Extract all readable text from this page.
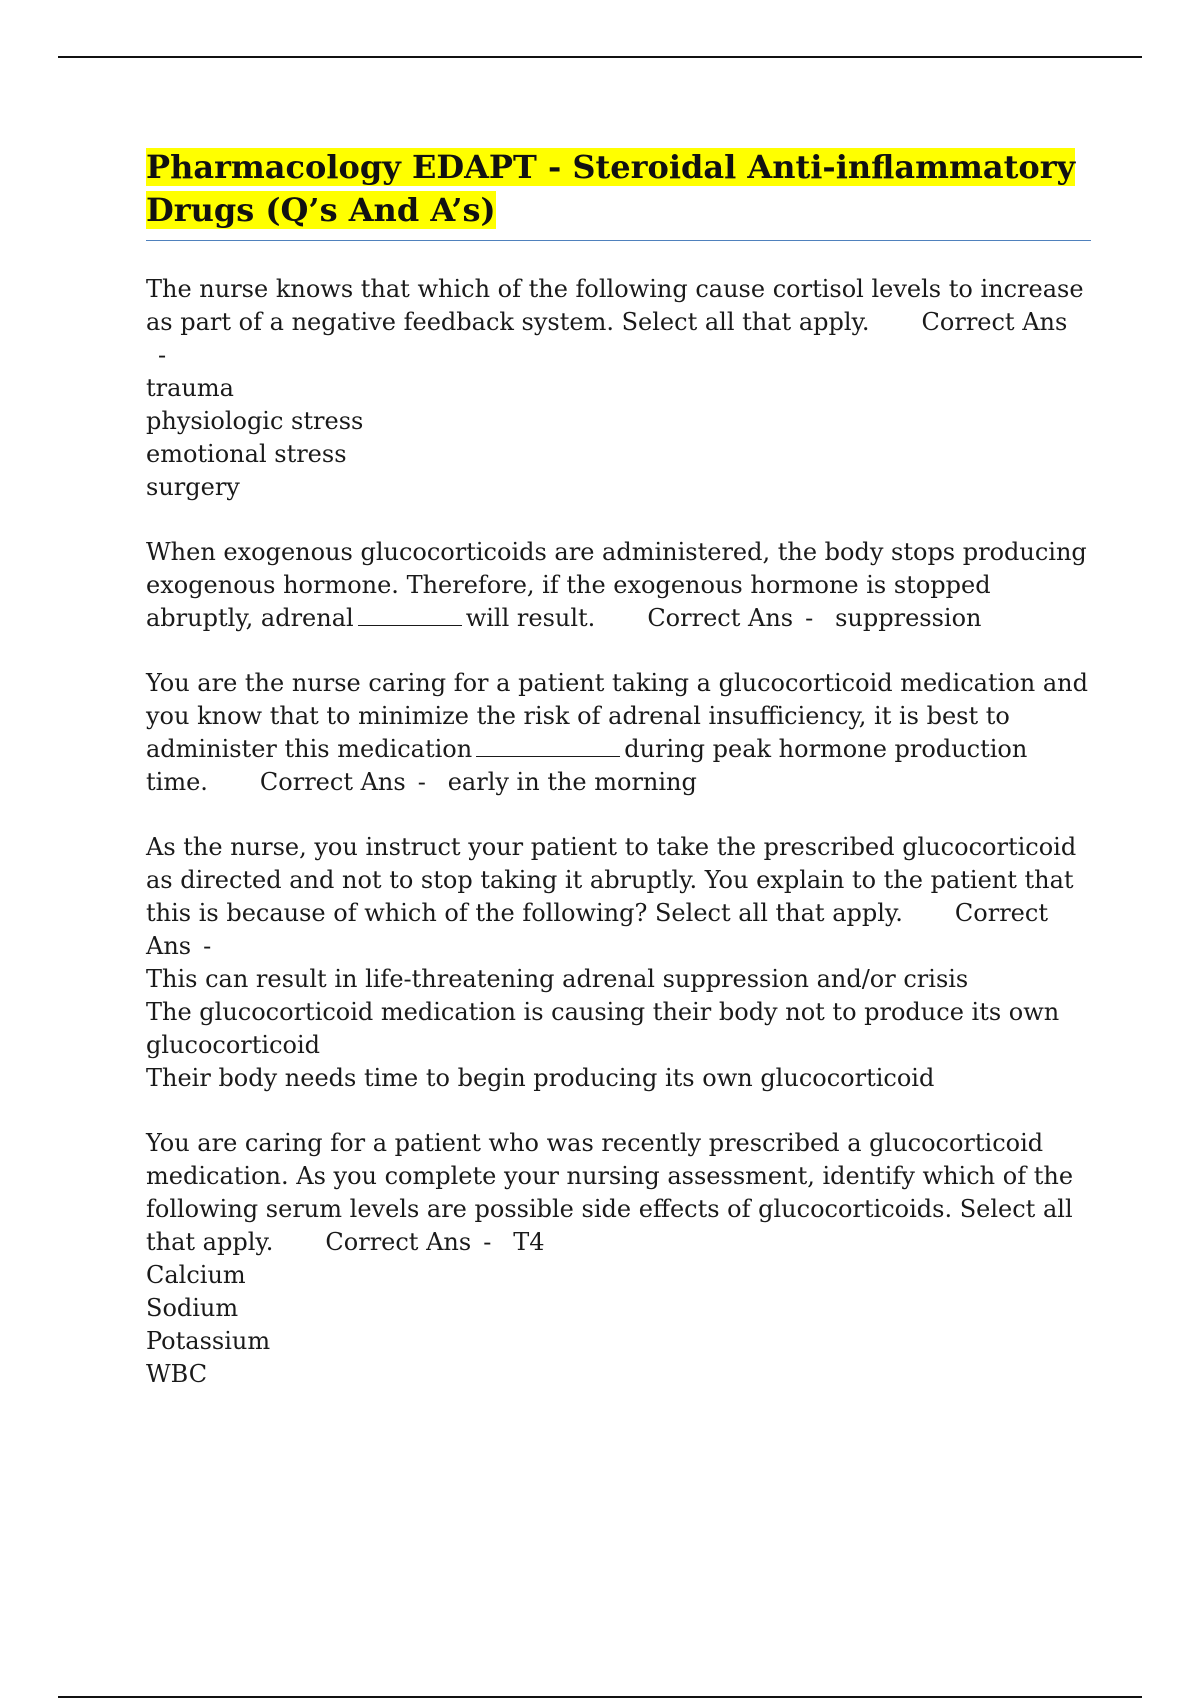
Pharmacology EDAPT - Steroidal Anti-inflammatory Drugs (Q’s And A’s)

The nurse knows that which of the following cause cortisol levels to increase as part of a negative feedback system. Select all that apply. Correct Ans-
trauma
physiologic stress
emotional stress
surgery

When exogenous glucocorticoids are administered, the body stops producing exogenous hormone. Therefore, if the exogenous hormone is stopped abruptly, adrenal	will result. Correct Ans - suppression

You are the nurse caring for a patient taking a glucocorticoid medication and you know that to minimize the risk of adrenal insufficiency, it is best to administer this medication	during peak hormone production time. Correct Ans - early in the morning

As the nurse, you instruct your patient to take the prescribed glucocorticoid as directed and not to stop taking it abruptly. You explain to the patient that this is because of which of the following? Select all that apply. Correct Ans -
This can result in life-threatening adrenal suppression and/or crisis
The glucocorticoid medication is causing their body not to produce its own glucocorticoid
Their body needs time to begin producing its own glucocorticoid

You are caring for a patient who was recently prescribed a glucocorticoid medication. As you complete your nursing assessment, identify which of the following serum levels are possible side effects of glucocorticoids. Select all that apply. Correct Ans - T4
Calcium
Sodium
Potassium
WBC
